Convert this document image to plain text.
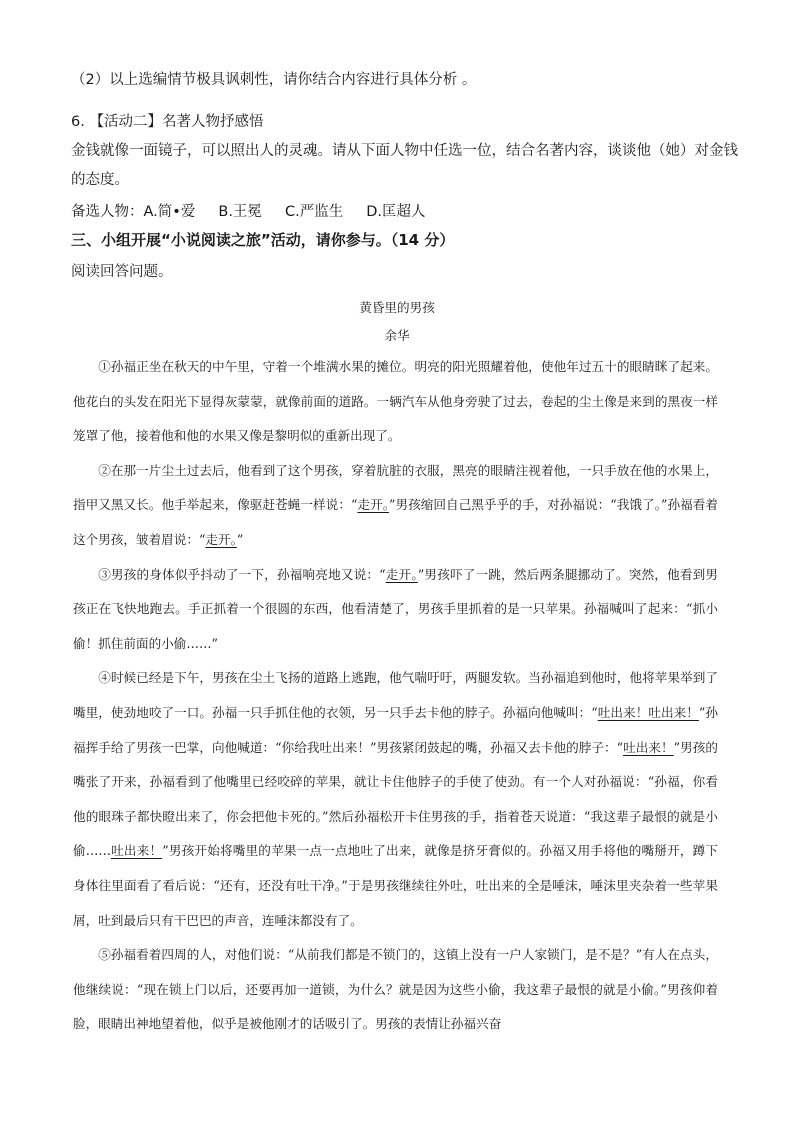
（2）以上选编情节极具讽刺性，请你结合内容进行具体分析 。
6. 【活动二】名著人物抒感悟
金钱就像一面镜子，可以照出人的灵魂。请从下面人物中任选一位，结合名著内容，谈谈他（她）对金钱
的态度。
备选人物：A.简•爱     B.王冕     C.严监生     D.匡超人
三、小组开展“小说阅读之旅”活动，请你参与。（14 分）
阅读回答问题。
黄昏里的男孩
余华

①孙福正坐在秋天的中午里，守着一个堆满水果的摊位。明亮的阳光照耀着他，使他年过五十的眼睛眯了起来。他花白的头发在阳光下显得灰蒙蒙，就像前面的道路。一辆汽车从他身旁驶了过去，卷起的尘土像是来到的黑夜一样笼罩了他，接着他和他的水果又像是黎明似的重新出现了。

②在那一片尘土过去后，他看到了这个男孩，穿着肮脏的衣服，黑亮的眼睛注视着他，一只手放在他的水果上，指甲又黑又长。他手举起来，像驱赶苍蝇一样说：“走开。”男孩缩回自己黑乎乎的手，对孙福说：“我饿了。”孙福看着这个男孩，皱着眉说：“走开。”

③男孩的身体似乎抖动了一下，孙福响亮地又说：“走开。”男孩吓了一跳，然后两条腿挪动了。突然，他看到男孩正在飞快地跑去。手正抓着一个很圆的东西，他看清楚了，男孩手里抓着的是一只苹果。孙福喊叫了起来：“抓小偷！抓住前面的小偷……”

④时候已经是下午，男孩在尘土飞扬的道路上逃跑，他气喘吁吁，两腿发软。当孙福追到他时，他将苹果举到了嘴里，使劲地咬了一口。孙福一只手抓住他的衣领，另一只手去卡他的脖子。孙福向他喊叫：“吐出来！吐出来！”孙福挥手给了男孩一巴掌，向他喊道：“你给我吐出来！”男孩紧闭鼓起的嘴，孙福又去卡他的脖子：“吐出来！”男孩的嘴张了开来，孙福看到了他嘴里已经咬碎的苹果，就让卡住他脖子的手使了使劲。有一个人对孙福说：“孙福，你看他的眼珠子都快瞪出来了，你会把他卡死的。”然后孙福松开卡住男孩的手，指着苍天说道：“我这辈子最恨的就是小偷……吐出来！”男孩开始将嘴里的苹果一点一点地吐了出来，就像是挤牙膏似的。孙福又用手将他的嘴掰开，蹲下身体往里面看了看后说：“还有，还没有吐干净。”于是男孩继续往外吐，吐出来的全是唾沫，唾沫里夹杂着一些苹果屑，吐到最后只有干巴巴的声音，连唾沫都没有了。

⑤孙福看着四周的人，对他们说：“从前我们都是不锁门的，这镇上没有一户人家锁门，是不是？”有人在点头，他继续说：“现在锁上门以后，还要再加一道锁，为什么？就是因为这些小偷，我这辈子最恨的就是小偷。”男孩仰着脸，眼睛出神地望着他，似乎是被他刚才的话吸引了。男孩的表情让孙福兴奋
